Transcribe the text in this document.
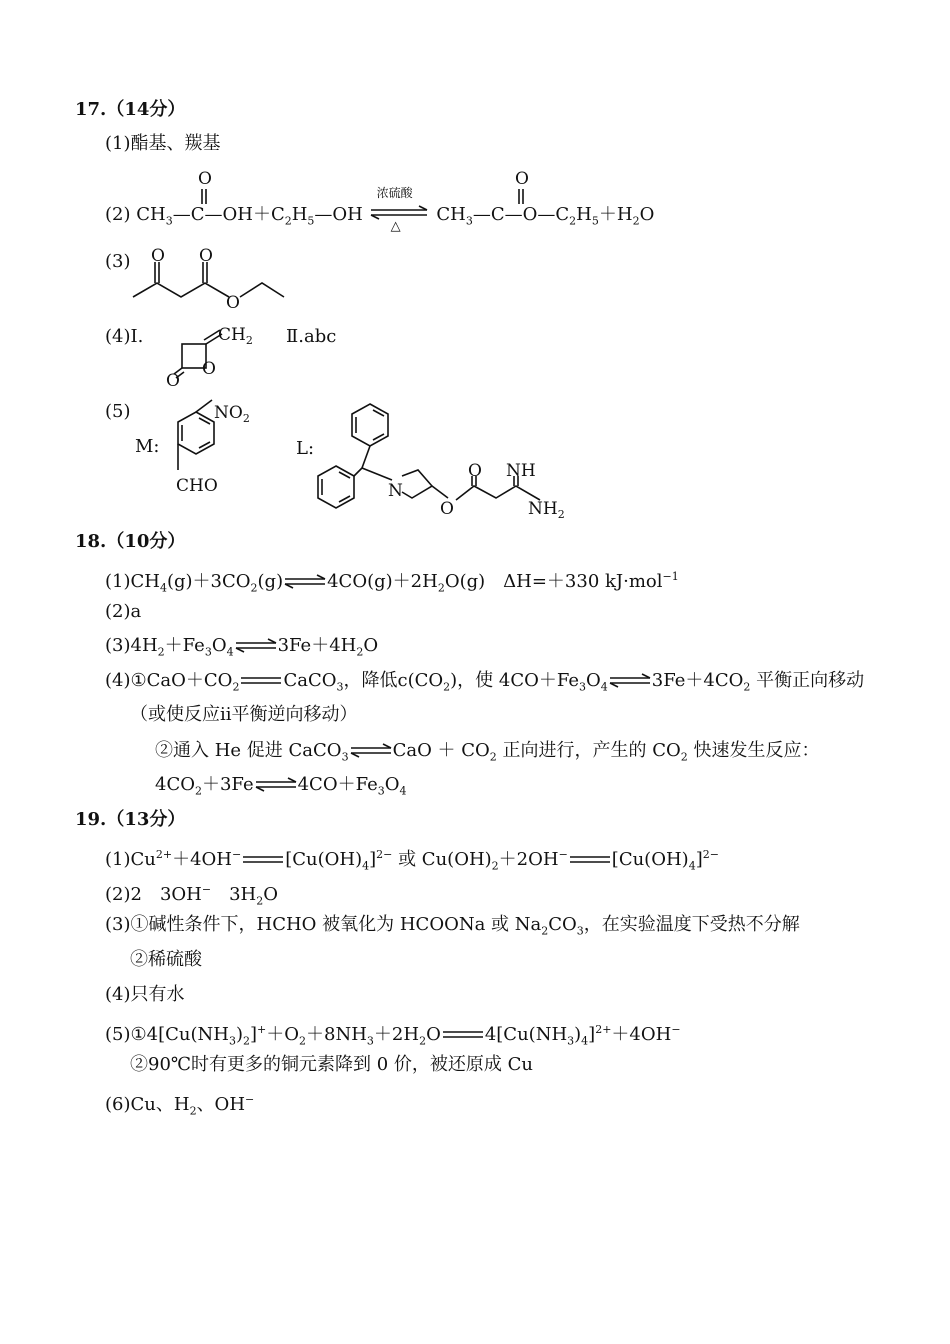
17.（14分）
(1)酯基、羰基
(2) $CH_3—C—OH+C_2H_5—OH$
浓硫酸
△
$CH_3—C—O—C_2H_5+H_2O$
O	O
(3) O O
O
(4)Ⅰ.	$CH_2$
O
O
Ⅱ.abc
(5)
M:
$NO_2$
CHO
L:
N
O
O NH
$NH_2$
18.（10分）
$(1)CH_4(g)+3CO_2(g)\rightleftharpoons 4CO(g)+2H_2O(g)$　ΔH=＋330 kJ·mol$^{-1}$
(2)a
$(3)4H_2+Fe_3O_4\rightleftharpoons 3Fe+4H_2O$
$(4)①CaO+CO_2$ CaCO$_3$，降低$c(CO_2)$，使 $4CO+Fe_3O_4\rightleftharpoons 3Fe+4CO_2$ 平衡正向移动
（或使反应ⅱ平衡逆向移动）
②通入 He 促进 CaCO$_3$⇌CaO ＋ $CO_2$ 正向进行，产生的 $CO_2$ 快速发生反应：
$4CO_2+3Fe\rightleftharpoons 4CO+Fe_3O_4$
19.（13分）
$(1)Cu^{2+}+4OH^-$ $[Cu(OH)_4]^{2-}$ 或 $Cu(OH)_2+2OH^-$ $[Cu(OH)_4]^{2-}$
(2)2　3OH−　$3H_2O$
(3)①碱性条件下，HCHO 被氧化为 HCOONa 或 $Na_2CO_3$，在实验温度下受热不分解
②稀硫酸
(4)只有水
$(5)①4[Cu(NH_3)_2]^++O_2+8NH_3+2H_2O$ $4[Cu(NH_3)_4]^{2+}+4OH^-$
②90℃时有更多的铜元素降到 0 价，被还原成 Cu
(6)Cu、$H_2$、OH−
